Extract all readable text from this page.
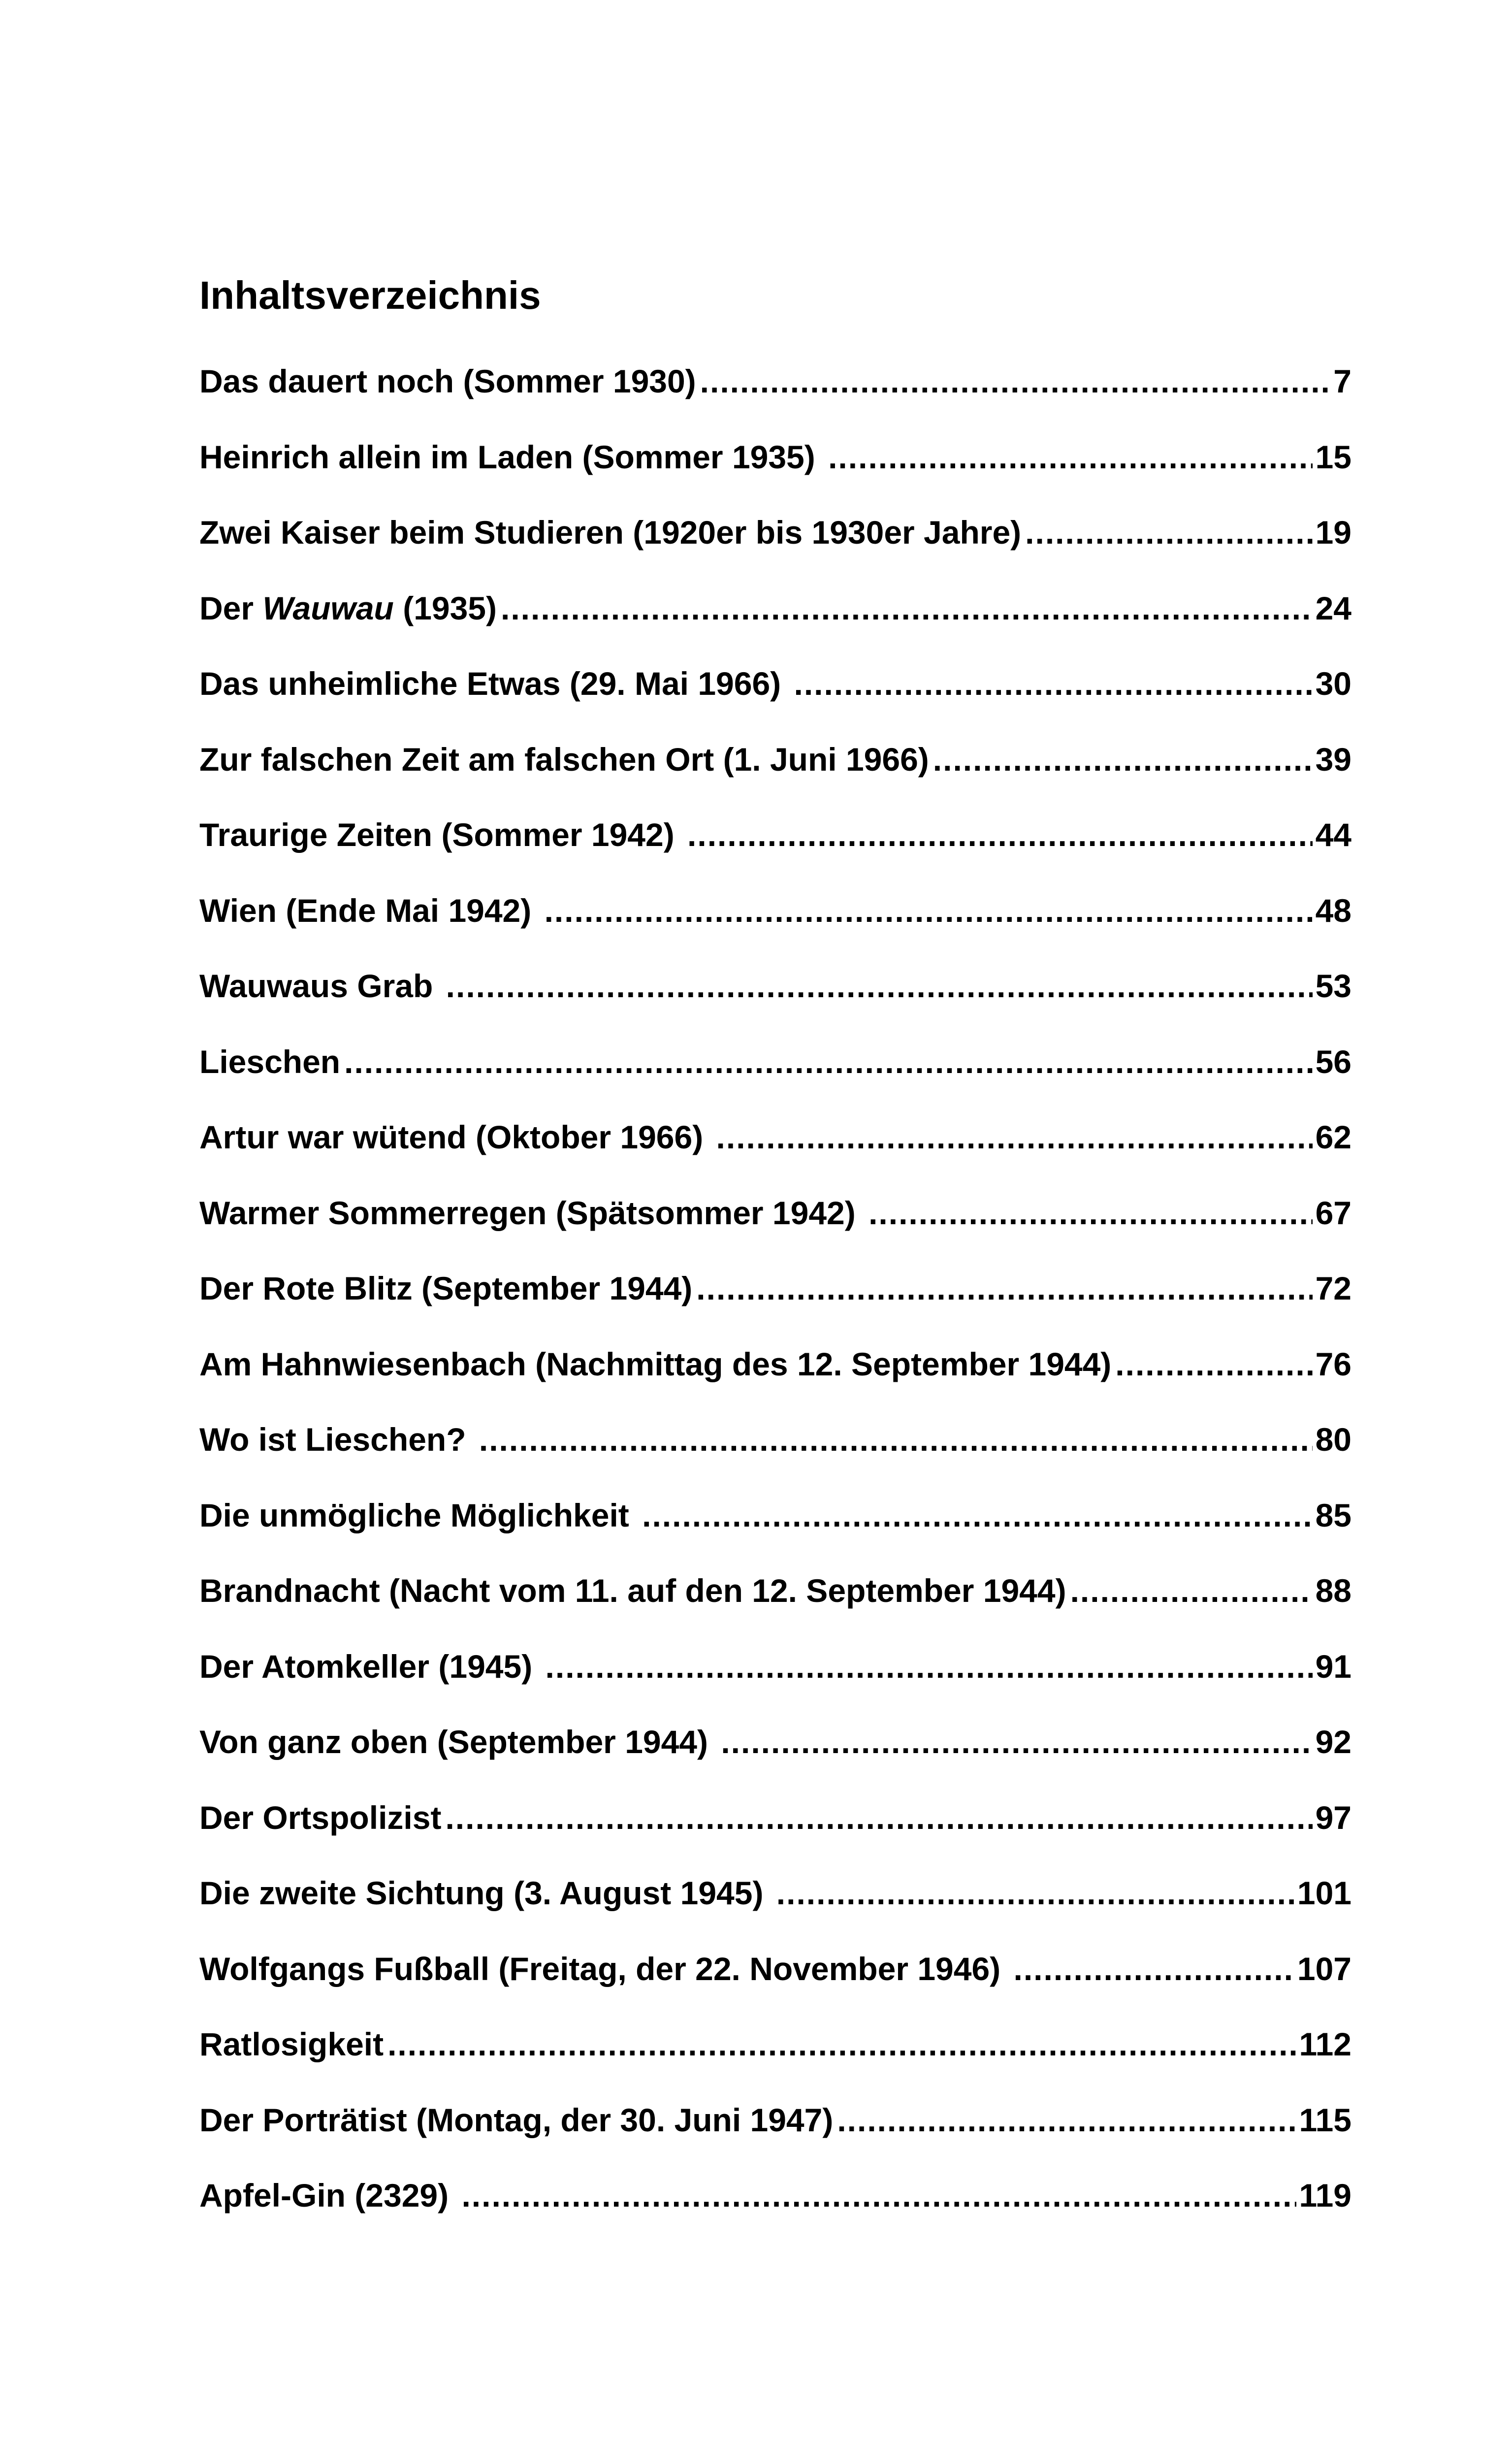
Inhaltsverzeichnis
Das dauert noch (Sommer 1930) .....	7
Heinrich allein im Laden (Sommer 1935) .....	15
Zwei Kaiser beim Studieren (1920er bis 1930er Jahre) .....	19
Der Wauwau (1935) .....	24
Das unheimliche Etwas (29. Mai 1966) .....	30
Zur falschen Zeit am falschen Ort (1. Juni 1966) .....	39
Traurige Zeiten (Sommer 1942) .....	44
Wien (Ende Mai 1942) .....	48
Wauwaus Grab .....	53
Lieschen .....	56
Artur war wütend (Oktober 1966) .....	62
Warmer Sommerregen (Spätsommer 1942) .....	67
Der Rote Blitz (September 1944) .....	72
Am Hahnwiesenbach (Nachmittag des 12. September 1944) .....	76
Wo ist Lieschen? .....	80
Die unmögliche Möglichkeit .....	85
Brandnacht (Nacht vom 11. auf den 12. September 1944) .....	88
Der Atomkeller (1945) .....	91
Von ganz oben (September 1944) .....	92
Der Ortspolizist .....	97
Die zweite Sichtung (3. August 1945) .....	101
Wolfgangs Fußball (Freitag, der 22. November 1946) .....	107
Ratlosigkeit .....	112
Der Porträtist (Montag, der 30. Juni 1947) .....	115
Apfel-Gin (2329) .....	119
